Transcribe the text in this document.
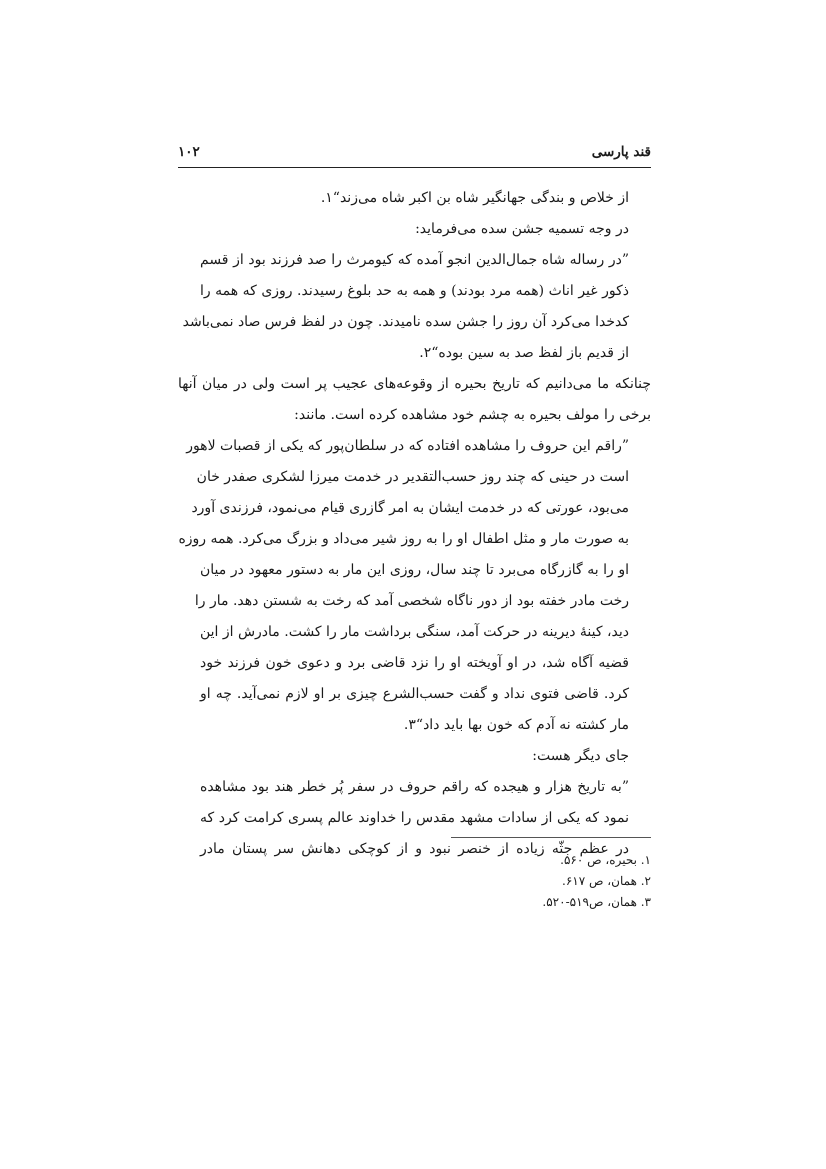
قند پارسی
۱۰۲
از خلاص و بندگی جهانگیر شاه بن اکبر شاه می‌زند“۱.
در وجه تسمیه جشن سده می‌فرماید:
”در رساله شاه جمال‌الدین انجو آمده که کیومرث را صد فرزند بود از قسم
ذکور غیر اناث (همه مرد بودند) و همه به حد بلوغ رسیدند. روزی که همه را
کدخدا می‌کرد آن روز را جشن سده نامیدند. چون در لفظ فرس صاد نمی‌باشد
از قدیم باز لفظ صد به سین بوده“۲.
چنانکه ما می‌دانیم که تاریخ بحیره از وقوعه‌های عجیب پر است ولی در میان آنها
برخی را مولف بحیره به چشم خود مشاهده کرده است. مانند:
”راقم این حروف را مشاهده افتاده که در سلطان‌پور که یکی از قصبات لاهور
است در حینی که چند روز حسب‌التقدیر در خدمت میرزا لشکری صفدر خان
می‌بود، عورتی که در خدمت ایشان به امر گازری قیام می‌نمود، فرزندی آورد
به صورت مار و مثل اطفال او را به روز شیر می‌داد و بزرگ می‌کرد. همه روزه
او را به گازرگاه می‌برد تا چند سال، روزی این مار به دستور معهود در میان
رخت مادر خفته بود از دور ناگاه شخصی آمد که رخت به شستن دهد. مار را
دید، کینهٔ دیرینه در حرکت آمد، سنگی برداشت مار را کشت. مادرش از این
قضیه آگاه شد، در او آویخته او را نزد قاضی برد و دعوی خون فرزند خود
کرد. قاضی فتوی نداد و گفت حسب‌الشرع چیزی بر او لازم نمی‌آید. چه او
مار کشته نه آدم که خون بها باید داد“۳.
جای دیگر هست:
”به تاریخ هزار و هیجده که راقم حروف در سفر پُر خطر هند بود مشاهده
نمود که یکی از سادات مشهد مقدس را خداوند عالم پسری کرامت کرد که
در عظم جثّه زیاده از خنصر نبود و از کوچکی دهانش سر پستان مادر
۱. بحیره، ص ۵۶۰.
۲. همان، ص ۶۱۷.
۳. همان، ص۵۱۹-۵۲۰.
